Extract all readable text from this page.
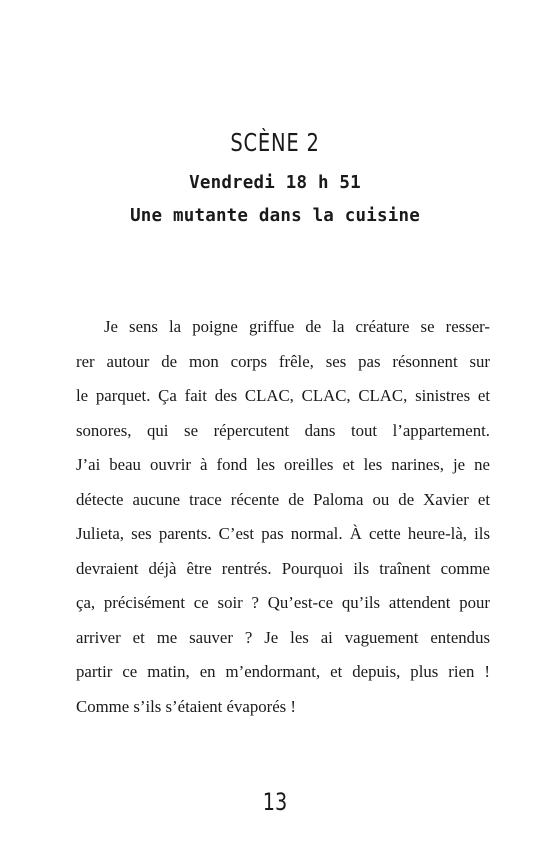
SCÈNE 2
Vendredi 18 h 51
Une mutante dans la cuisine
Je sens la poigne griffue de la créature se resser-
rer autour de mon corps frêle, ses pas résonnent sur
le parquet. Ça fait des CLAC, CLAC, CLAC, sinistres et
sonores, qui se répercutent dans tout l’appartement.
J’ai beau ouvrir à fond les oreilles et les narines, je ne
détecte aucune trace récente de Paloma ou de Xavier et
Julieta, ses parents. C’est pas normal. À cette heure-là, ils
devraient déjà être rentrés. Pourquoi ils traînent comme
ça, précisément ce soir ? Qu’est-ce qu’ils attendent pour
arriver et me sauver ? Je les ai vaguement entendus
partir ce matin, en m’endormant, et depuis, plus rien !
Comme s’ils s’étaient évaporés !
13
